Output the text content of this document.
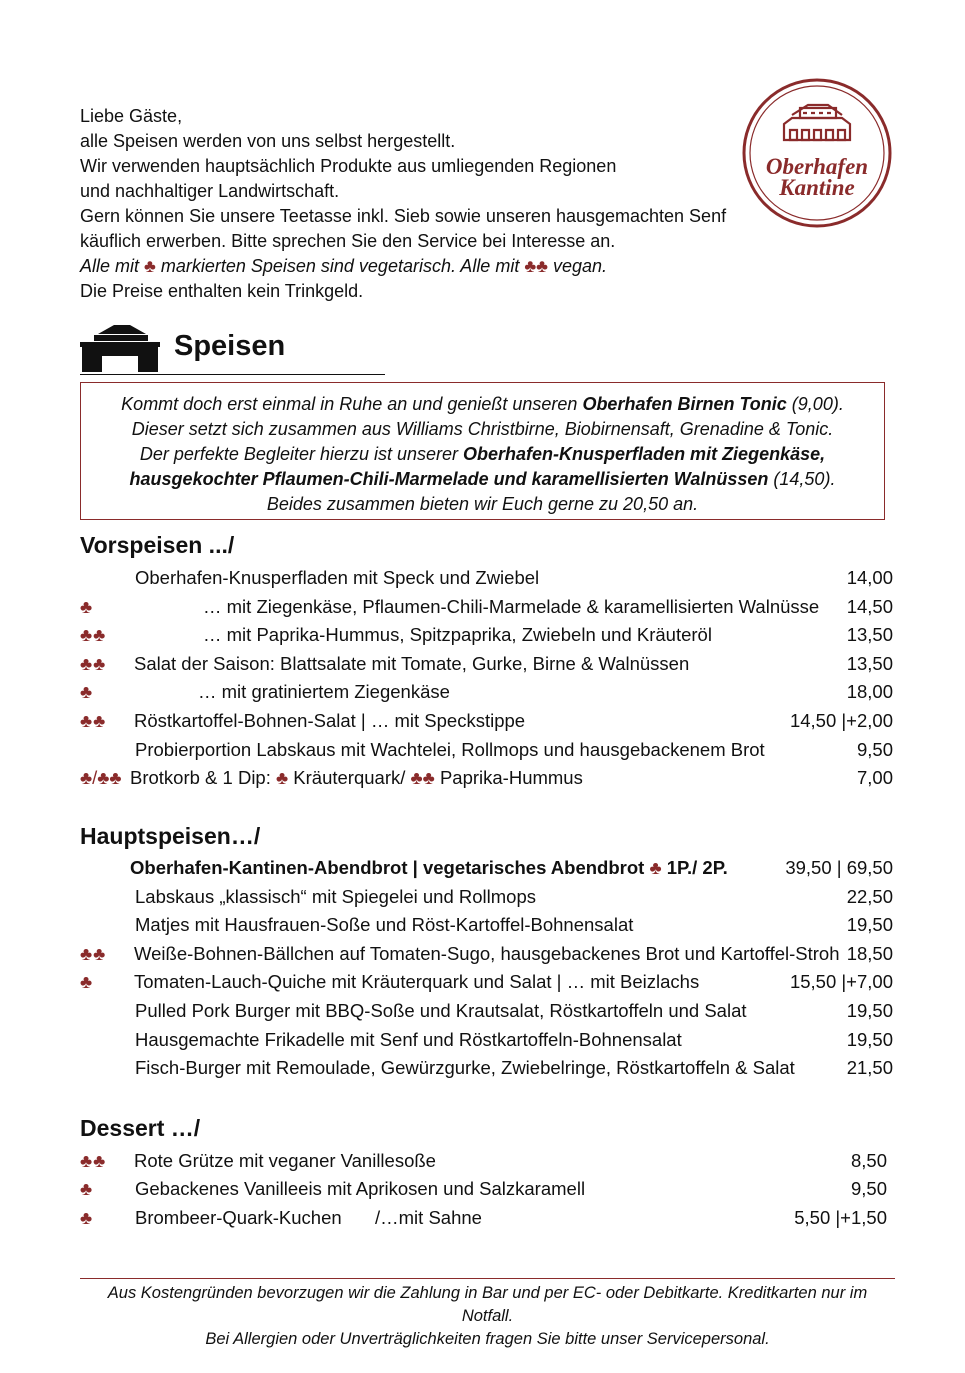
Liebe Gäste,
alle Speisen werden von uns selbst hergestellt.
Wir verwenden hauptsächlich Produkte aus umliegenden Regionen
und nachhaltiger Landwirtschaft.
Gern können Sie unsere Teetasse inkl. Sieb sowie unseren hausgemachten Senf
käuflich erwerben. Bitte sprechen Sie den Service bei Interesse an.
Alle mit ♣ markierten Speisen sind vegetarisch. Alle mit ♣♣ vegan.
Die Preise enthalten kein Trinkgeld.
Oberhafen
Kantine
Speisen
Kommt doch erst einmal in Ruhe an und genießt unseren Oberhafen Birnen Tonic (9,00).
Dieser setzt sich zusammen aus Williams Christbirne, Biobirnensaft, Grenadine & Tonic.
Der perfekte Begleiter hierzu ist unserer Oberhafen-Knusperfladen mit Ziegenkäse,
hausgekochter Pflaumen-Chili-Marmelade und karamellisierten Walnüssen (14,50).
Beides zusammen bieten wir Euch gerne zu 20,50 an.
Vorspeisen .../
Oberhafen-Knusperfladen mit Speck und Zwiebel	14,00
♣	… mit Ziegenkäse, Pflaumen-Chili-Marmelade & karamellisierten Walnüsse 14,50
♣♣	… mit Paprika-Hummus, Spitzpaprika, Zwiebeln und Kräuteröl	13,50
♣♣ Salat der Saison: Blattsalate mit Tomate, Gurke, Birne & Walnüssen	13,50
♣	… mit gratiniertem Ziegenkäse	18,00
♣♣ Röstkartoffel-Bohnen-Salat | … mit Speckstippe	14,50 |+2,00
Probierportion Labskaus mit Wachtelei, Rollmops und hausgebackenem Brot	9,50
♣/♣♣ Brotkorb & 1 Dip: ♣ Kräuterquark/ ♣♣ Paprika-Hummus	7,00
Hauptspeisen…/
Oberhafen-Kantinen-Abendbrot | vegetarisches Abendbrot ♣ 1P./ 2P.	39,50 | 69,50
Labskaus „klassisch“ mit Spiegelei und Rollmops	22,50
Matjes mit Hausfrauen-Soße und Röst-Kartoffel-Bohnensalat	19,50
♣♣ Weiße-Bohnen-Bällchen auf Tomaten-Sugo, hausgebackenes Brot und Kartoffel-Stroh 18,50
♣ Tomaten-Lauch-Quiche mit Kräuterquark und Salat | … mit Beizlachs	15,50 |+7,00
Pulled Pork Burger mit BBQ-Soße und Krautsalat, Röstkartoffeln und Salat	19,50
Hausgemachte Frikadelle mit Senf und Röstkartoffeln-Bohnensalat	19,50
Fisch-Burger mit Remoulade, Gewürzgurke, Zwiebelringe, Röstkartoffeln & Salat	21,50
Dessert …/
♣♣ Rote Grütze mit veganer Vanillesoße	8,50
♣ Gebackenes Vanilleeis mit Aprikosen und Salzkaramell	9,50
♣ Brombeer-Quark-Kuchen /…mit Sahne	5,50 |+1,50
Aus Kostengründen bevorzugen wir die Zahlung in Bar und per EC- oder Debitkarte. Kreditkarten nur im Notfall.
Bei Allergien oder Unverträglichkeiten fragen Sie bitte unser Servicepersonal.
